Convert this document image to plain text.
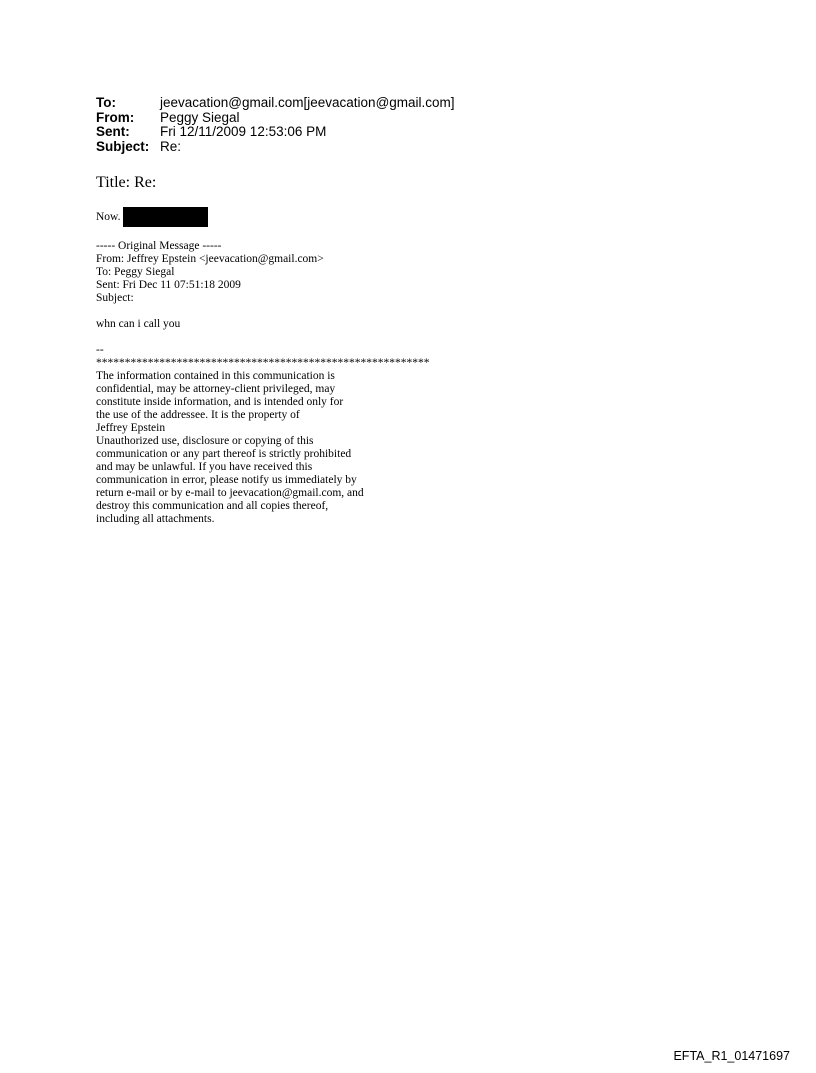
To:	jeevacation@gmail.com[jeevacation@gmail.com]
From:	Peggy Siegal
Sent:	Fri 12/11/2009 12:53:06 PM
Subject: Re:
Title: Re:
Now.
----- Original Message -----
From: Jeffrey Epstein <jeevacation@gmail.com>
To: Peggy Siegal
Sent: Fri Dec 11 07:51:18 2009
Subject:
whn can i call you
--
**********************************************************
The information contained in this communication is
confidential, may be attorney-client privileged, may
constitute inside information, and is intended only for
the use of the addressee. It is the property of
Jeffrey Epstein
Unauthorized use, disclosure or copying of this
communication or any part thereof is strictly prohibited
and may be unlawful. If you have received this
communication in error, please notify us immediately by
return e-mail or by e-mail to jeevacation@gmail.com, and
destroy this communication and all copies thereof,
including all attachments.
EFTA_R1_01471697
